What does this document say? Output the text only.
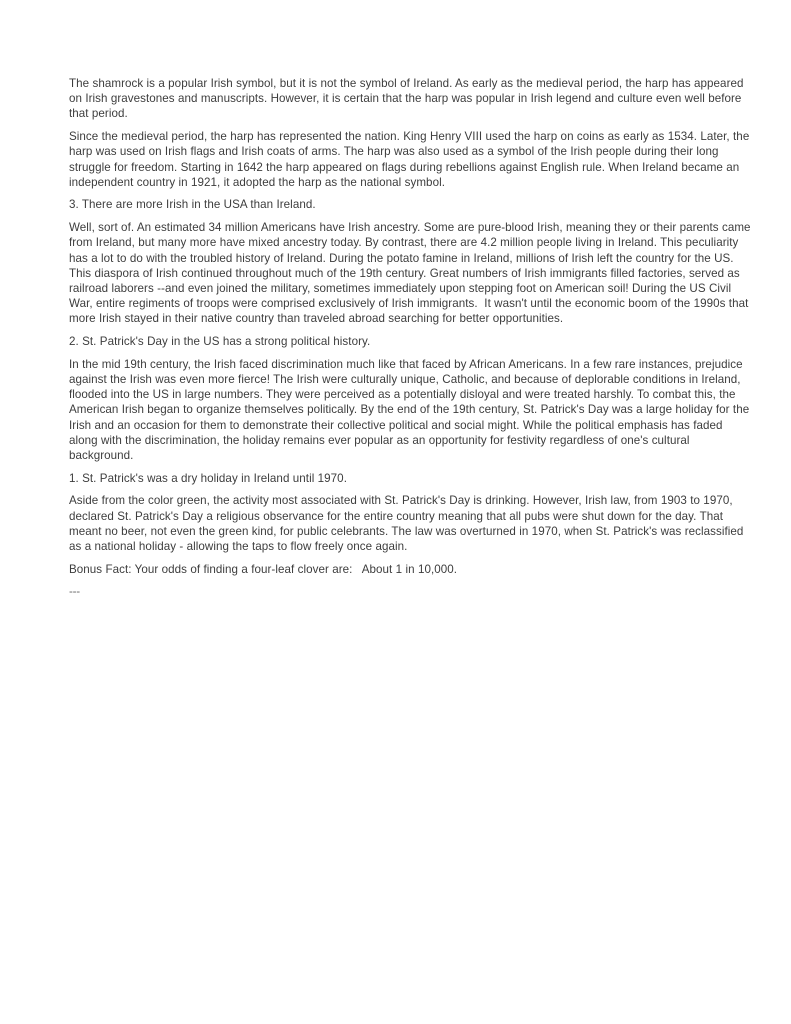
The shamrock is a popular Irish symbol, but it is not the symbol of Ireland. As early as the medieval period, the harp has appeared on Irish gravestones and manuscripts. However, it is certain that the harp was popular in Irish legend and culture even well before that period.

Since the medieval period, the harp has represented the nation. King Henry VIII used the harp on coins as early as 1534. Later, the harp was used on Irish flags and Irish coats of arms. The harp was also used as a symbol of the Irish people during their long struggle for freedom. Starting in 1642 the harp appeared on flags during rebellions against English rule. When Ireland became an independent country in 1921, it adopted the harp as the national symbol.

3. There are more Irish in the USA than Ireland.

Well, sort of. An estimated 34 million Americans have Irish ancestry. Some are pure-blood Irish, meaning they or their parents came from Ireland, but many more have mixed ancestry today. By contrast, there are 4.2 million people living in Ireland. This peculiarity has a lot to do with the troubled history of Ireland. During the potato famine in Ireland, millions of Irish left the country for the US. This diaspora of Irish continued throughout much of the 19th century. Great numbers of Irish immigrants filled factories, served as railroad laborers --and even joined the military, sometimes immediately upon stepping foot on American soil! During the US Civil War, entire regiments of troops were comprised exclusively of Irish immigrants.  It wasn't until the economic boom of the 1990s that more Irish stayed in their native country than traveled abroad searching for better opportunities.

2. St. Patrick's Day in the US has a strong political history.

In the mid 19th century, the Irish faced discrimination much like that faced by African Americans. In a few rare instances, prejudice against the Irish was even more fierce! The Irish were culturally unique, Catholic, and because of deplorable conditions in Ireland, flooded into the US in large numbers. They were perceived as a potentially disloyal and were treated harshly. To combat this, the American Irish began to organize themselves politically. By the end of the 19th century, St. Patrick's Day was a large holiday for the Irish and an occasion for them to demonstrate their collective political and social might. While the political emphasis has faded along with the discrimination, the holiday remains ever popular as an opportunity for festivity regardless of one's cultural background.

1. St. Patrick's was a dry holiday in Ireland until 1970.

Aside from the color green, the activity most associated with St. Patrick's Day is drinking. However, Irish law, from 1903 to 1970, declared St. Patrick's Day a religious observance for the entire country meaning that all pubs were shut down for the day. That meant no beer, not even the green kind, for public celebrants. The law was overturned in 1970, when St. Patrick's was reclassified as a national holiday - allowing the taps to flow freely once again.

Bonus Fact: Your odds of finding a four-leaf clover are:   About 1 in 10,000.

---
